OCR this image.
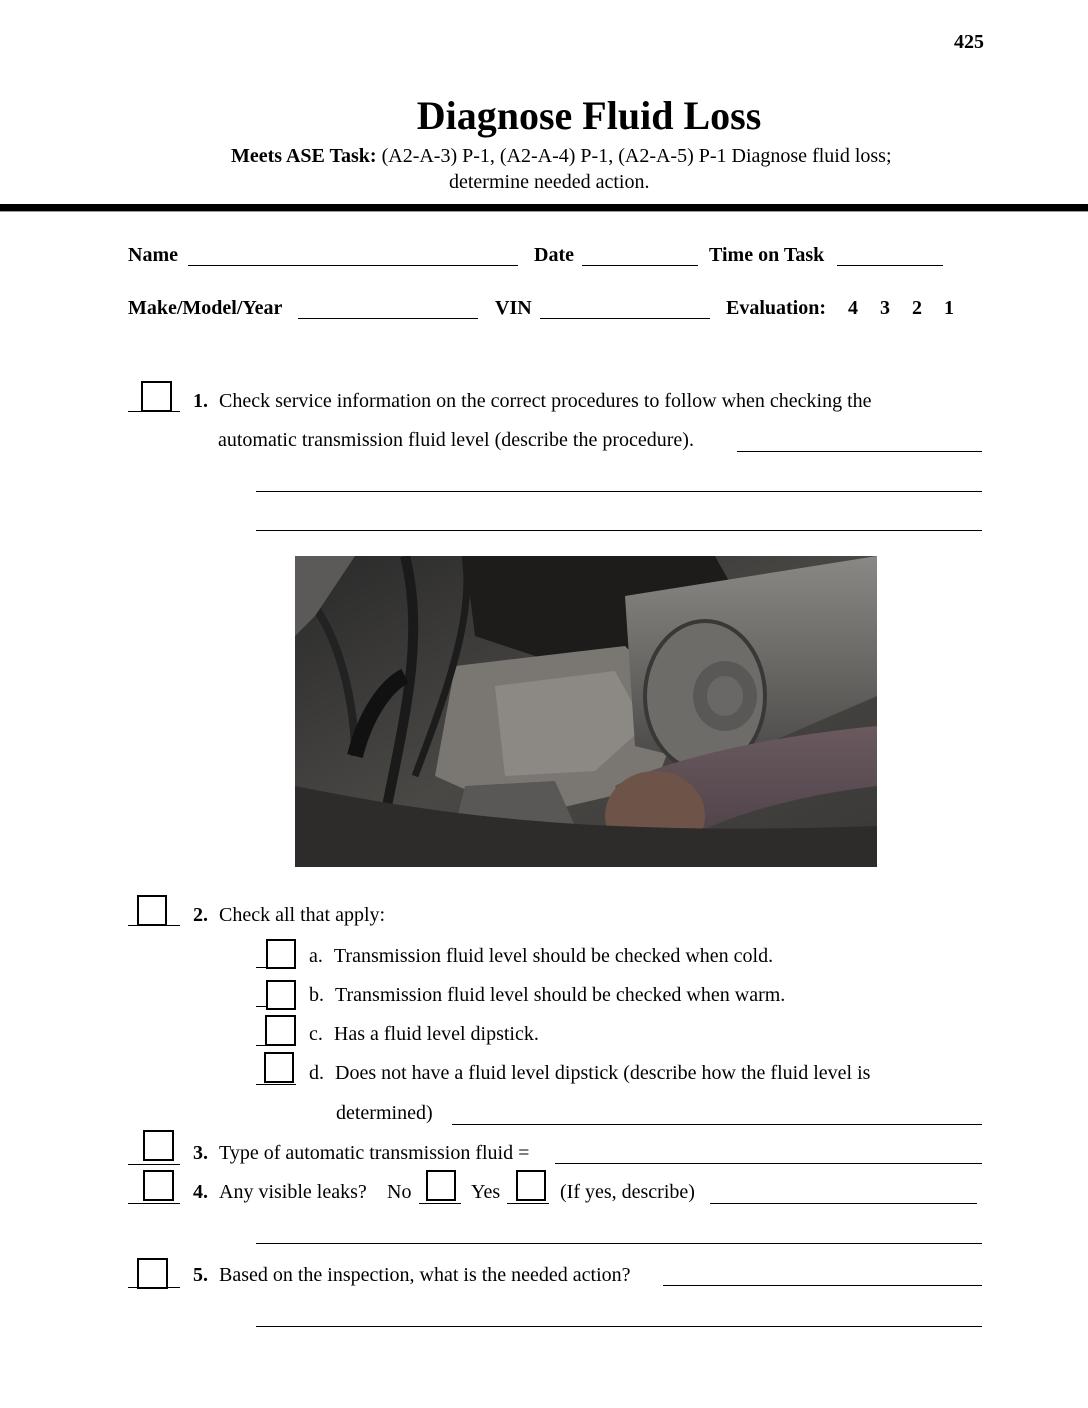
425
Diagnose Fluid Loss
Meets ASE Task: (A2-A-3) P-1, (A2-A-4) P-1, (A2-A-5) P-1 Diagnose fluid loss;
determine needed action.
Name	Date	Time on Task
Make/Model/Year	VIN	Evaluation: 4 3 2 1
1. Check service information on the correct procedures to follow when checking the
automatic transmission fluid level (describe the procedure).
2. Check all that apply:
a. Transmission fluid level should be checked when cold.
b. Transmission fluid level should be checked when warm.
c. Has a fluid level dipstick.
d. Does not have a fluid level dipstick (describe how the fluid level is
determined)
3. Type of automatic transmission fluid =
4. Any visible leaks? No	Yes	(If yes, describe)
5. Based on the inspection, what is the needed action?
